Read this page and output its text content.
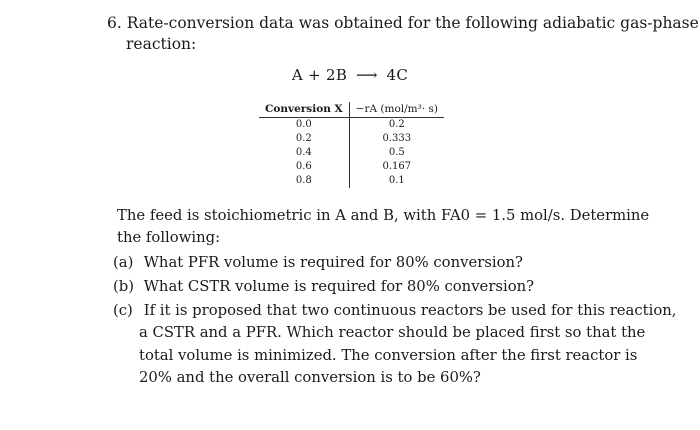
6. Rate-conversion data was obtained for the following adiabatic gas-phase
reaction:
A + 2B ⟶ 4C
Conversion X	−rA (mol/m³· s)
0.0	0.2
0.2	0.333
0.4	0.5
0.6	0.167
0.8	0.1
The feed is stoichiometric in A and B, with FA0 = 1.5 mol/s. Determine
the following:
(a) What PFR volume is required for 80% conversion?
(b) What CSTR volume is required for 80% conversion?
(c) If it is proposed that two continuous reactors be used for this reaction,
a CSTR and a PFR. Which reactor should be placed first so that the
total volume is minimized. The conversion after the first reactor is
20% and the overall conversion is to be 60%?
